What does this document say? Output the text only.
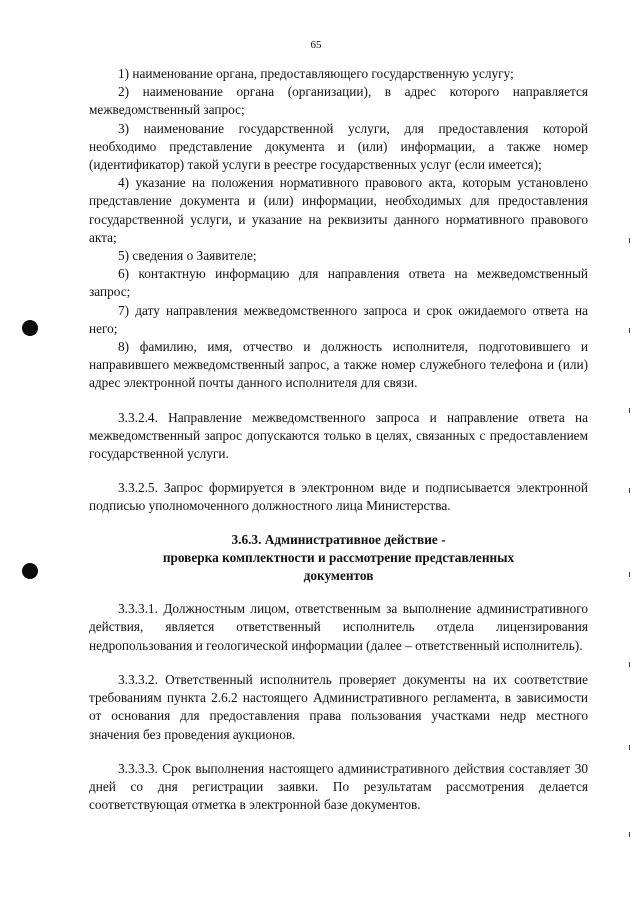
65

1) наименование органа, предоставляющего государственную услугу;

2) наименование органа (организации), в адрес которого направляется межведомственный запрос;

3) наименование государственной услуги, для предоставления которой необходимо представление документа и (или) информации, а также номер (идентификатор) такой услуги в реестре государственных услуг (если имеется);

4) указание на положения нормативного правового акта, которым установлено представление документа и (или) информации, необходимых для предоставления государственной услуги, и указание на реквизиты данного нормативного правового акта;

5) сведения о Заявителе;

6) контактную информацию для направления ответа на межведомственный запрос;

7) дату направления межведомственного запроса и срок ожидаемого ответа на него;

8) фамилию, имя, отчество и должность исполнителя, подготовившего и направившего межведомственный запрос, а также номер служебного телефона и (или) адрес электронной почты данного исполнителя для связи.

3.3.2.4. Направление межведомственного запроса и направление ответа на межведомственный запрос допускаются только в целях, связанных с предоставлением государственной услуги.

3.3.2.5. Запрос формируется в электронном виде и подписывается электронной подписью уполномоченного должностного лица Министерства.

3.6.3. Административное действие -

проверка комплектности и рассмотрение представленных

документов

3.3.3.1. Должностным лицом, ответственным за выполнение административного действия, является ответственный исполнитель отдела лицензирования недропользования и геологической информации (далее – ответственный исполнитель).

3.3.3.2. Ответственный исполнитель проверяет документы на их соответствие требованиям пункта 2.6.2 настоящего Административного регламента, в зависимости от основания для предоставления права пользования участками недр местного значения без проведения аукционов.

3.3.3.3. Срок выполнения настоящего административного действия составляет 30 дней со дня регистрации заявки. По результатам рассмотрения делается соответствующая отметка в электронной базе документов.
